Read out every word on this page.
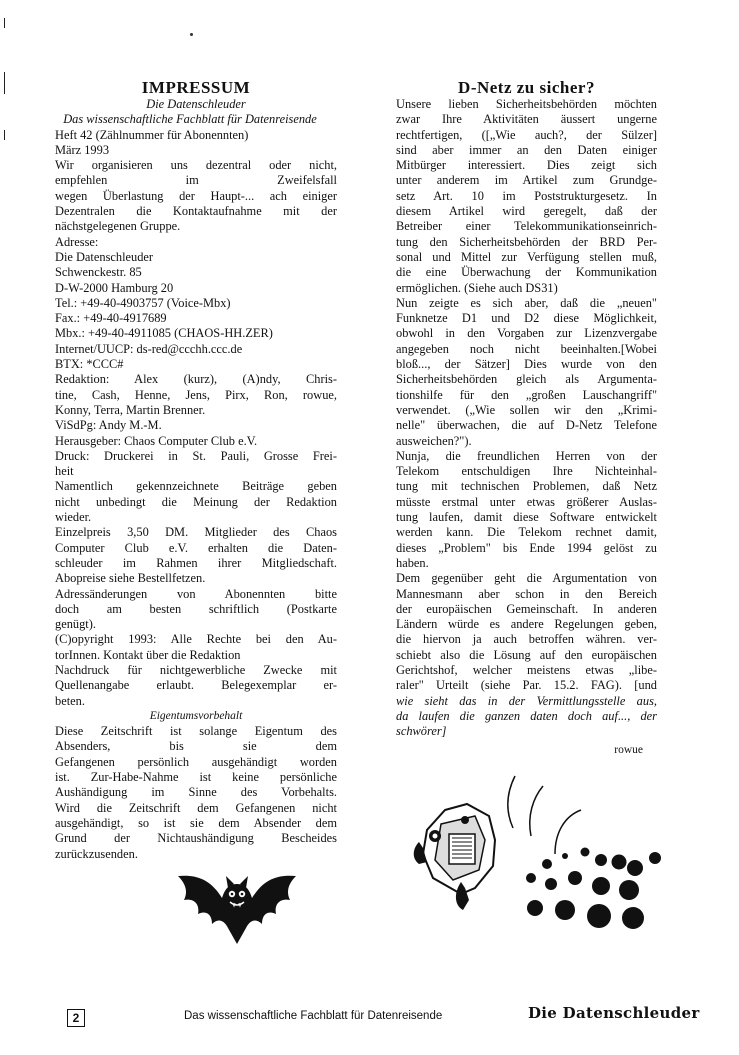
IMPRESSUM

Die Datenschleuder

Das wissenschaftliche Fachblatt für Datenreisende

Heft 42 (Zählnummer für Abonennten)
März 1993
Wir organisieren uns dezentral oder nicht,
empfehlen im Zweifelsfall
wegen Überlastung der Haupt-... ach einiger
Dezentralen die Kontaktaufnahme mit der
nächstgelegenen Gruppe.
Adresse:
Die Datenschleuder
Schwenckestr. 85
D-W-2000 Hamburg 20
Tel.: +49-40-4903757 (Voice-Mbx)
Fax.: +49-40-4917689
Mbx.: +49-40-4911085 (CHAOS-HH.ZER)
Internet/UUCP: ds-red@ccchh.ccc.de
BTX: *CCC#
Redaktion: Alex (kurz), (A)ndy, Chris-
tine, Cash, Henne, Jens, Pirx, Ron, rowue,
Konny, Terra, Martin Brenner.
ViSdPg: Andy M.-M.
Herausgeber: Chaos Computer Club e.V.
Druck: Druckerei in St. Pauli, Grosse Frei-
heit
Namentlich gekennzeichnete Beiträge geben
nicht unbedingt die Meinung der Redaktion
wieder.
Einzelpreis 3,50 DM. Mitglieder des Chaos
Computer Club e.V. erhalten die Daten-
schleuder im Rahmen ihrer Mitgliedschaft.
Abopreise siehe Bestellfetzen.
Adressänderungen von Abonennten bitte
doch am besten schriftlich (Postkarte
genügt).
(C)opyright 1993: Alle Rechte bei den Au-
torInnen. Kontakt über die Redaktion
Nachdruck für nichtgewerbliche Zwecke mit
Quellenangabe erlaubt. Belegexemplar er-
beten.

Eigentumsvorbehalt

Diese Zeitschrift ist solange Eigentum des
Absenders, bis sie dem
Gefangenen persönlich ausgehändigt worden
ist. Zur-Habe-Nahme ist keine persönliche
Aushändigung im Sinne des Vorbehalts.
Wird die Zeitschrift dem Gefangenen nicht
ausgehändigt, so ist sie dem Absender dem
Grund der Nichtaushändigung Bescheides
zurückzusenden.
D-Netz zu sicher?
Unsere lieben Sicherheitsbehörden möchten
zwar Ihre Aktivitäten äussert ungerne
rechtfertigen, ([„Wie auch?, der Sülzer]
sind aber immer an den Daten einiger
Mitbürger interessiert. Dies zeigt sich
unter anderem im Artikel zum Grundge-
setz Art. 10 im Poststrukturgesetz. In
diesem Artikel wird geregelt, daß der
Betreiber einer Telekommunikationseinrich-
tung den Sicherheitsbehörden der BRD Per-
sonal und Mittel zur Verfügung stellen muß,
die eine Überwachung der Kommunikation
ermöglichen. (Siehe auch DS31)
Nun zeigte es sich aber, daß die „neuen"
Funknetze D1 und D2 diese Möglichkeit,
obwohl in den Vorgaben zur Lizenzvergabe
angegeben noch nicht beeinhalten.[Wobei
bloß..., der Sätzer] Dies wurde von den
Sicherheitsbehörden gleich als Argumenta-
tionshilfe für den „großen Lauschangriff"
verwendet. („Wie sollen wir den „Krimi-
nelle" überwachen, die auf D-Netz Telefone
ausweichen?").
Nunja, die freundlichen Herren von der
Telekom entschuldigen Ihre Nichteinhal-
tung mit technischen Problemen, daß Netz
müsste erstmal unter etwas größerer Auslas-
tung laufen, damit diese Software entwickelt
werden kann. Die Telekom rechnet damit,
dieses „Problem" bis Ende 1994 gelöst zu
haben.
Dem gegenüber geht die Argumentation von
Mannesmann aber schon in den Bereich
der europäischen Gemeinschaft. In anderen
Ländern würde es andere Regelungen geben,
die hiervon ja auch betroffen währen. ver-
schiebt also die Lösung auf den europäischen
Gerichtshof, welcher meistens etwas „libe-
raler" Urteilt (siehe Par. 15.2. FAG). [und
wie sieht das in der Vermittlungsstelle aus,
da laufen die ganzen daten doch auf..., der
schwörer]

rowue

2	Das wissenschaftliche Fachblatt für Datenreisende	Die Datenschleuder
